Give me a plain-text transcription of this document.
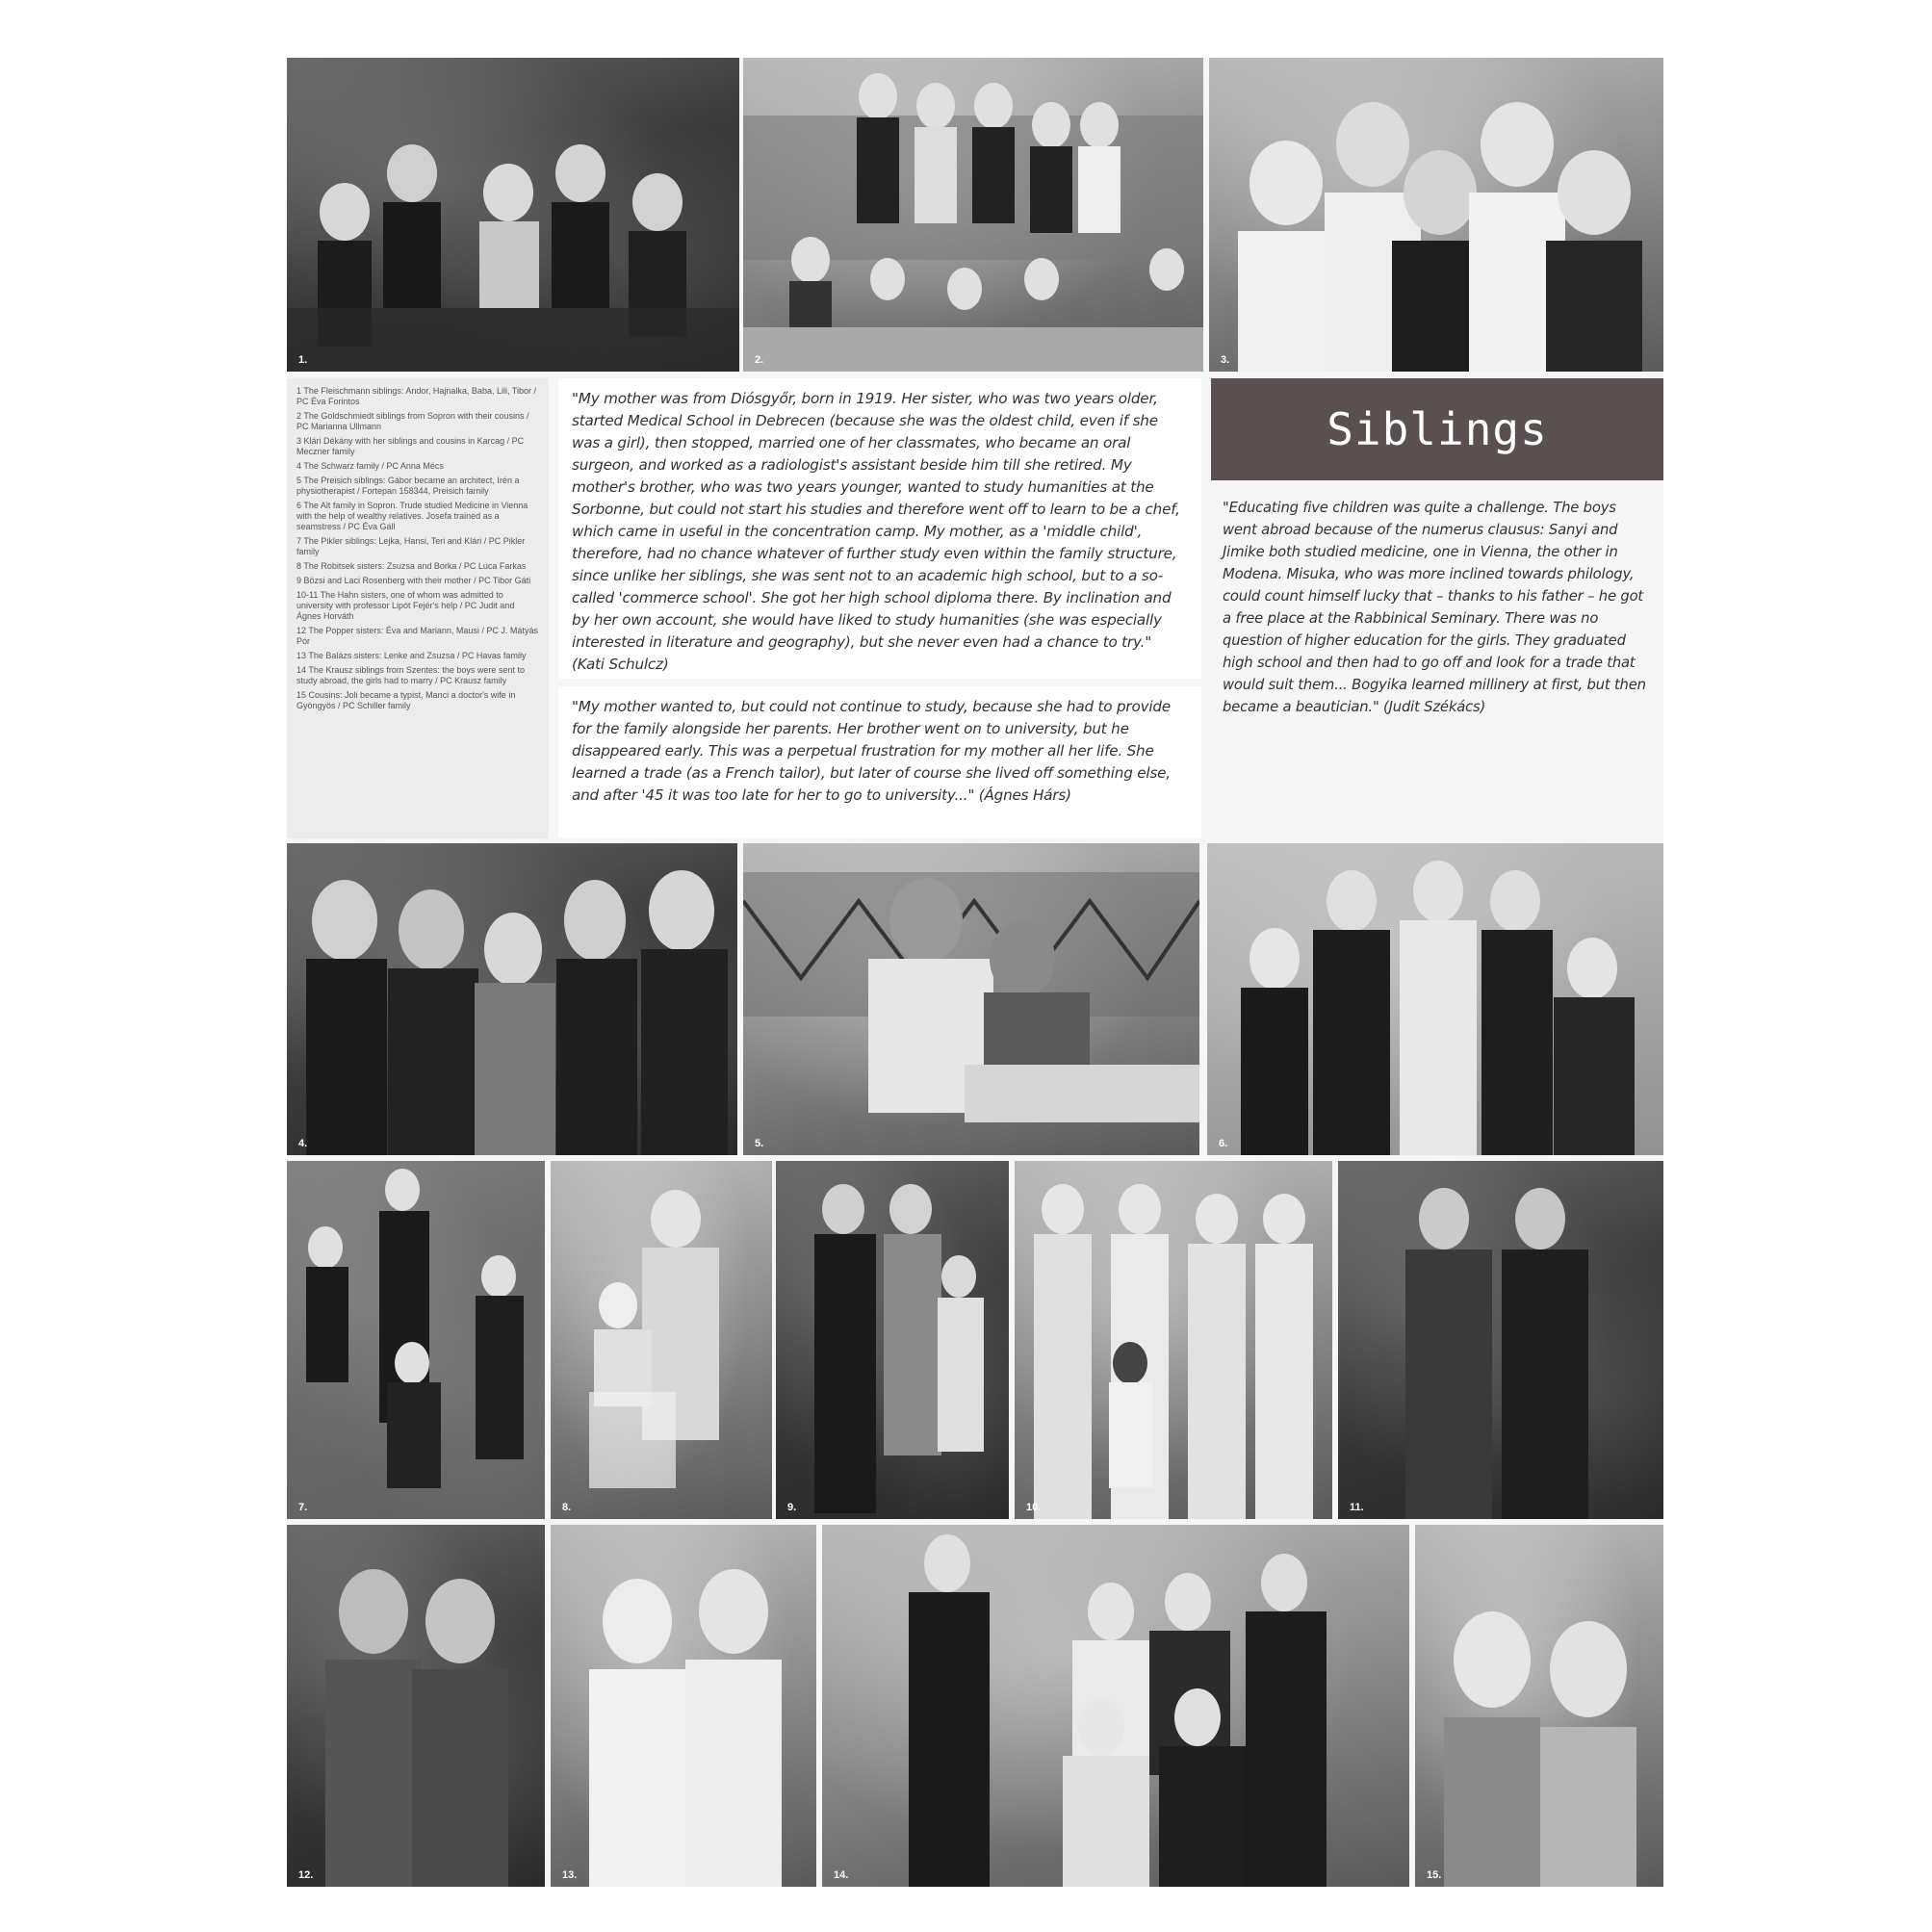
1.	2.	3.

1 The Fleischmann siblings: Andor, Hajnalka, Baba, Lili, Tibor / PC Éva Forintos

2 The Goldschmiedt siblings from Sopron with their cousins / PC Marianna Ullmann

3 Klári Dékány with her siblings and cousins in Karcag / PC Meczner family

4 The Schwarz family / PC Anna Mécs

5 The Preisich siblings: Gábor became an architect, Irén a physiotherapist / Fortepan 158344, Preisich family

6 The Alt family in Sopron. Trude studied Medicine in Vienna with the help of wealthy relatives. Josefa trained as a seamstress / PC Éva Gáll

7 The Pikler siblings: Lejka, Hansi, Teri and Klári / PC Pikler family

8 The Robitsek sisters: Zsuzsa and Borka / PC Luca Farkas

9 Bözsi and Laci Rosenberg with their mother / PC Tibor Gáti

10-11 The Hahn sisters, one of whom was admitted to university with professor Lipót Fejér's help / PC Judit and Ágnes Horváth

12 The Popper sisters: Éva and Mariann, Mausi / PC J. Mátyás Pór

13 The Balázs sisters: Lenke and Zsuzsa / PC Havas family

14 The Krausz siblings from Szentes: the boys were sent to study abroad, the girls had to marry / PC Krausz family

15 Cousins: Joli became a typist, Manci a doctor's wife in Gyöngyös / PC Schiller family

"My mother was from Diósgyőr, born in 1919. Her sister, who was two years older, started Medical School in Debrecen (because she was the oldest child, even if she was a girl), then stopped, married one of her classmates, who became an oral surgeon, and worked as a radiologist's assistant beside him till she retired. My mother's brother, who was two years younger, wanted to study humanities at the Sorbonne, but could not start his studies and therefore went off to learn to be a chef, which came in useful in the concentration camp. My mother, as a 'middle child', therefore, had no chance whatever of further study even within the family structure, since unlike her siblings, she was sent not to an academic high school, but to a so-called 'commerce school'. She got her high school diploma there. By inclination and by her own account, she would have liked to study humanities (she was especially interested in literature and geography), but she never even had a chance to try." (Kati Schulcz)
"My mother wanted to, but could not continue to study, because she had to provide for the family alongside her parents. Her brother went on to university, but he disappeared early. This was a perpetual frustration for my mother all her life. She learned a trade (as a French tailor), but later of course she lived off something else, and after '45 it was too late for her to go to university..." (Ágnes Hárs)
Siblings
"Educating five children was quite a challenge. The boys went abroad because of the numerus clausus: Sanyi and Jimike both studied medicine, one in Vienna, the other in Modena. Misuka, who was more inclined towards philology, could count himself lucky that – thanks to his father – he got a free place at the Rabbinical Seminary. There was no question of higher education for the girls. They graduated high school and then had to go off and look for a trade that would suit them... Bogyika learned millinery at first, but then became a beautician." (Judit Székács)
4.	5.	6.
7.	8.	9.	10.	11.
12.	13.	14.	15.
